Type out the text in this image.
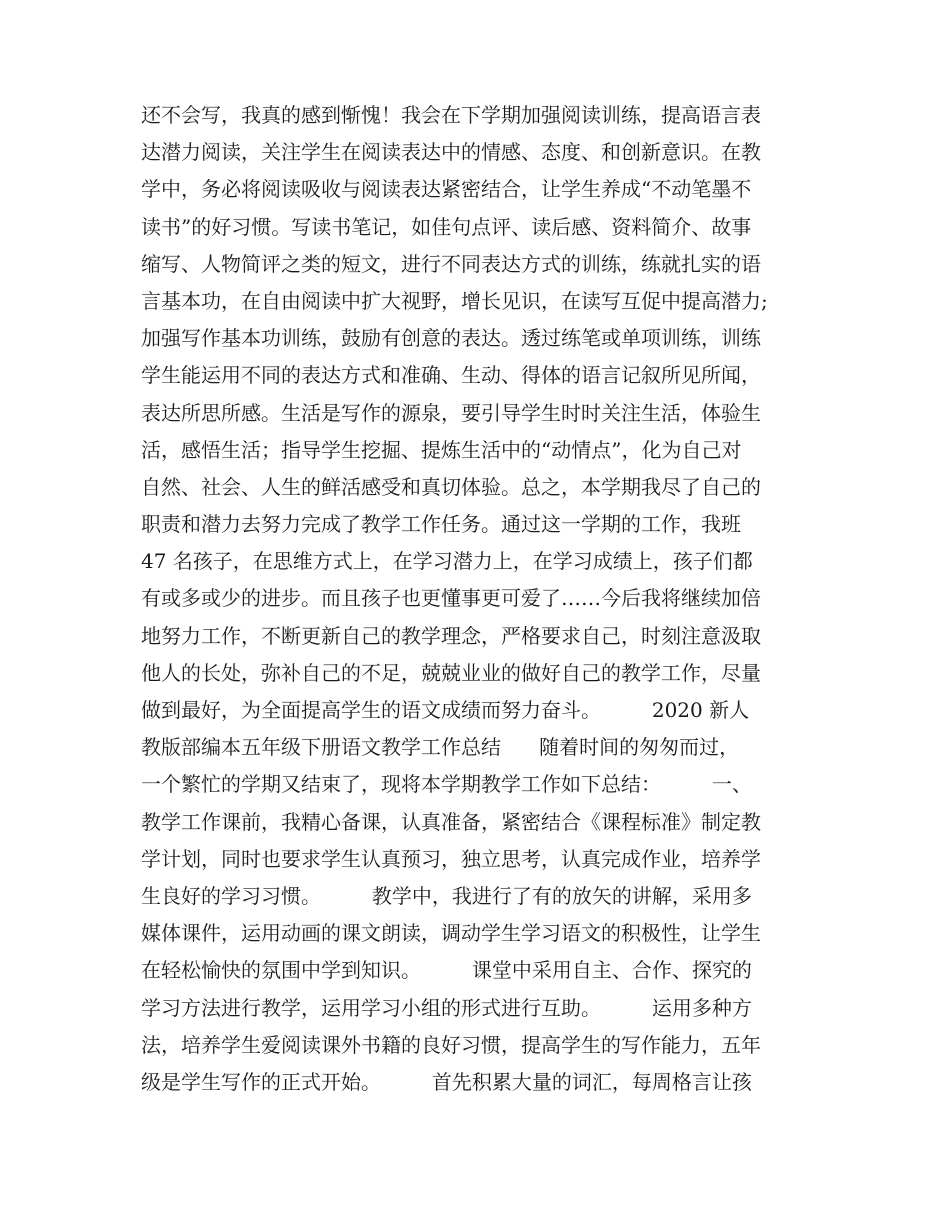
还不会写，我真的感到惭愧！我会在下学期加强阅读训练，提高语言表
达潜力阅读，关注学生在阅读表达中的情感、态度、和创新意识。在教
学中，务必将阅读吸收与阅读表达紧密结合，让学生养成“不动笔墨不
读书”的好习惯。写读书笔记，如佳句点评、读后感、资料简介、故事
缩写、人物简评之类的短文，进行不同表达方式的训练，练就扎实的语
言基本功，在自由阅读中扩大视野，增长见识，在读写互促中提高潜力;
加强写作基本功训练，鼓励有创意的表达。透过练笔或单项训练，训练
学生能运用不同的表达方式和准确、生动、得体的语言记叙所见所闻，
表达所思所感。生活是写作的源泉，要引导学生时时关注生活，体验生
活，感悟生活；指导学生挖掘、提炼生活中的“动情点”，化为自己对
自然、社会、人生的鲜活感受和真切体验。总之，本学期我尽了自己的
职责和潜力去努力完成了教学工作任务。通过这一学期的工作，我班
47 名孩子，在思维方式上，在学习潜力上，在学习成绩上，孩子们都
有或多或少的进步。而且孩子也更懂事更可爱了……今后我将继续加倍
地努力工作，不断更新自己的教学理念，严格要求自己，时刻注意汲取
他人的长处，弥补自己的不足，兢兢业业的做好自己的教学工作，尽量
做到最好，为全面提高学生的语文成绩而努力奋斗。        2020 新人
教版部编本五年级下册语文教学工作总结      随着时间的匆匆而过，
一个繁忙的学期又结束了，现将本学期教学工作如下总结：        一、
教学工作课前，我精心备课，认真准备，紧密结合《课程标准》制定教
学计划，同时也要求学生认真预习，独立思考，认真完成作业，培养学
生良好的学习习惯。        教学中，我进行了有的放矢的讲解，采用多
媒体课件，运用动画的课文朗读，调动学生学习语文的积极性，让学生
在轻松愉快的氛围中学到知识。        课堂中采用自主、合作、探究的
学习方法进行教学，运用学习小组的形式进行互助。        运用多种方
法，培养学生爱阅读课外书籍的良好习惯，提高学生的写作能力，五年
级是学生写作的正式开始。        首先积累大量的词汇，每周格言让孩
